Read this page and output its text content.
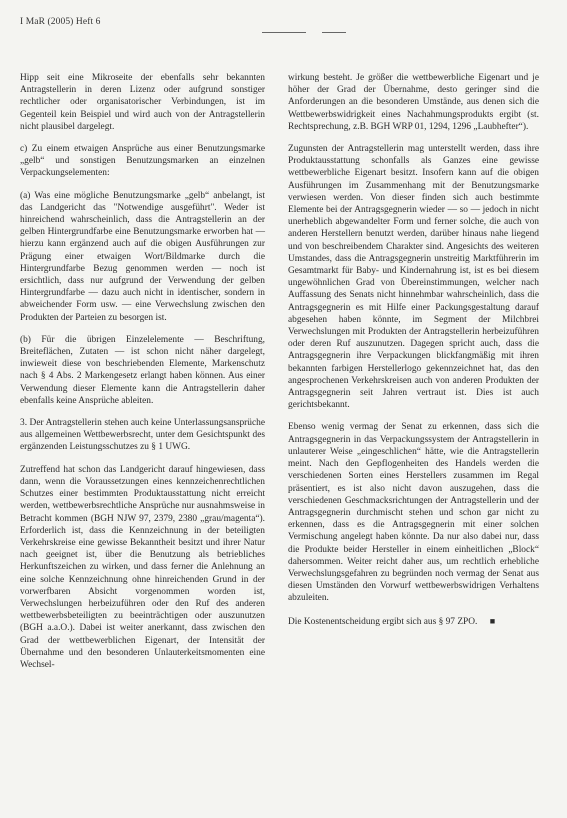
I MaR (2005) Heft 6

Hipp seit eine Mikroseite der ebenfalls sehr bekannten Antragstellerin in deren Lizenz oder aufgrund sonstiger rechtlicher oder organisatorischer Verbindungen, ist im Gegenteil kein Beispiel und wird auch von der Antragstellerin nicht plausibel dargelegt.

c) Zu einem etwaigen Ansprüche aus einer Benutzungsmarke „gelb“ und sonstigen Benutzungsmarken an einzelnen Verpackungselementen:

(a) Was eine mögliche Benutzungsmarke „gelb“ anbelangt, ist das Landgericht das "Notwendige ausgeführt". Weder ist hinreichend wahrscheinlich, dass die Antragstellerin an der gelben Hintergrundfarbe eine Benutzungsmarke erworben hat — hierzu kann ergänzend auch auf die obigen Ausführungen zur Prägung einer etwaigen Wort/Bildmarke durch die Hintergrundfarbe Bezug genommen werden — noch ist ersichtlich, dass nur aufgrund der Verwendung der gelben Hintergrundfarbe — dazu auch nicht in identischer, sondern in abweichender Form usw. — eine Verwechslung zwischen den Produkten der Parteien zu besorgen ist.

(b) Für die übrigen Einzelelemente — Beschriftung, Breiteflächen, Zutaten — ist schon nicht näher dargelegt, inwieweit diese von beschriebenden Elemente, Markenschutz nach § 4 Abs. 2 Markengesetz erlangt haben können. Aus einer Verwendung dieser Elemente kann die Antragstellerin daher ebenfalls keine Ansprüche ableiten.

3. Der Antragstellerin stehen auch keine Unterlassungsansprüche aus allgemeinen Wettbewerbsrecht, unter dem Gesichtspunkt des ergänzenden Leistungsschutzes zu § 1 UWG.

Zutreffend hat schon das Landgericht darauf hingewiesen, dass dann, wenn die Voraussetzungen eines kennzeichenrechtlichen Schutzes einer bestimmten Produktausstattung nicht erreicht werden, wettbewerbsrechtliche Ansprüche nur ausnahmsweise in Betracht kommen (BGH NJW 97, 2379, 2380 „grau/magenta“). Erforderlich ist, dass die Kennzeichnung in der beteiligten Verkehrskreise eine gewisse Bekanntheit besitzt und ihrer Natur nach geeignet ist, über die Benutzung als betriebliches Herkunftszeichen zu wirken, und dass ferner die Anlehnung an eine solche Kennzeichnung ohne hinreichenden Grund in der vorwerfbaren Absicht vorgenommen worden ist, Verwechslungen herbeizuführen oder den Ruf des anderen wettbewerbsbeteiligten zu beeinträchtigen oder auszunutzen (BGH a.a.O.). Dabei ist weiter anerkannt, dass zwischen den Grad der wettbewerblichen Eigenart, der Intensität der Übernahme und den besonderen Unlauterkeitsmomenten eine Wechsel-

wirkung besteht. Je größer die wettbewerbliche Eigenart und je höher der Grad der Übernahme, desto geringer sind die Anforderungen an die besonderen Umstände, aus denen sich die Wettbewerbswidrigkeit eines Nachahmungsprodukts ergibt (st. Rechtsprechung, z.B. BGH WRP 01, 1294, 1296 „Laubhefter“).

Zugunsten der Antragstellerin mag unterstellt werden, dass ihre Produktausstattung schonfalls als Ganzes eine gewisse wettbewerbliche Eigenart besitzt. Insofern kann auf die obigen Ausführungen im Zusammenhang mit der Benutzungsmarke verwiesen werden. Von dieser finden sich auch bestimmte Elemente bei der Antragsgegnerin wieder — so — jedoch in nicht unerheblich abgewandelter Form und ferner solche, die auch von anderen Herstellern benutzt werden, darüber hinaus nahe liegend und von beschreibendem Charakter sind. Angesichts des weiteren Umstandes, dass die Antragsgegnerin unstreitig Marktführerin im Gesamtmarkt für Baby- und Kindernahrung ist, ist es bei diesem ungewöhnlichen Grad von Übereinstimmungen, welcher nach Auffassung des Senats nicht hinnehmbar wahrscheinlich, dass die Antragsgegnerin es mit Hilfe einer Packungsgestaltung darauf abgesehen haben könnte, im Segment der Milchbrei Verwechslungen mit Produkten der Antragstellerin herbeizuführen oder deren Ruf auszunutzen. Dagegen spricht auch, dass die Antragsgegnerin ihre Verpackungen blickfangmäßig mit ihren bekannten farbigen Herstellerlogo gekennzeichnet hat, das den angesprochenen Verkehrskreisen auch von anderen Produkten der Antragsgegnerin seit Jahren vertraut ist. Dies ist auch gerichtsbekannt.

Ebenso wenig vermag der Senat zu erkennen, dass sich die Antragsgegnerin in das Verpackungssystem der Antragstellerin in unlauterer Weise „eingeschlichen“ hätte, wie die Antragstellerin meint. Nach den Gepflogenheiten des Handels werden die verschiedenen Sorten eines Herstellers zusammen im Regal präsentiert, es ist also nicht davon auszugehen, dass die verschiedenen Geschmacksrichtungen der Antragstellerin und der Antragsgegnerin durchmischt stehen und schon gar nicht zu erkennen, dass es die Antragsgegnerin mit einer solchen Vermischung angelegt haben könnte. Da nur also dabei nur, dass die Produkte beider Hersteller in einem einheitlichen „Block“ dahersommen. Weiter reicht daher aus, um rechtlich erhebliche Verwechslungsgefahren zu begründen noch vermag der Senat aus diesen Umständen den Vorwurf wettbewerbswidrigen Verhaltens abzuleiten.

Die Kostenentscheidung ergibt sich aus § 97 ZPO. ■
